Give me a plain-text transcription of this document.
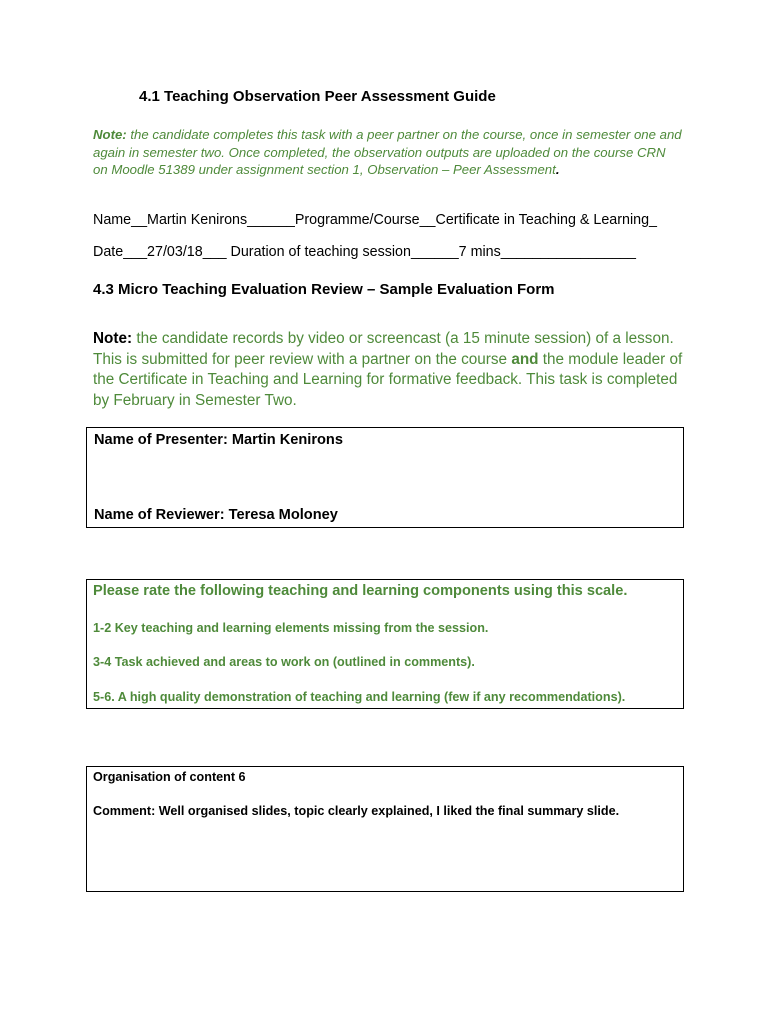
4.1 Teaching Observation Peer Assessment Guide
Note: the candidate completes this task with a peer partner on the course, once in semester one and again in semester two. Once completed, the observation outputs are uploaded on the course CRN on Moodle 51389 under assignment section 1, Observation – Peer Assessment.
Name__Martin Kenirons______Programme/Course__Certificate in Teaching & Learning_
Date___27/03/18___ Duration of teaching session______7 mins_________________
4.3 Micro Teaching Evaluation Review – Sample Evaluation Form
Note: the candidate records by video or screencast (a 15 minute session) of a lesson. This is submitted for peer review with a partner on the course and the module leader of the Certificate in Teaching and Learning for formative feedback. This task is completed by February in Semester Two.
Name of Presenter: Martin Kenirons
Name of Reviewer: Teresa Moloney
Please rate the following teaching and learning components using this scale.
1-2 Key teaching and learning elements missing from the session.
3-4 Task achieved and areas to work on (outlined in comments).
5-6. A high quality demonstration of teaching and learning (few if any recommendations).
Organisation of content 6
Comment: Well organised slides, topic clearly explained, I liked the final summary slide.
